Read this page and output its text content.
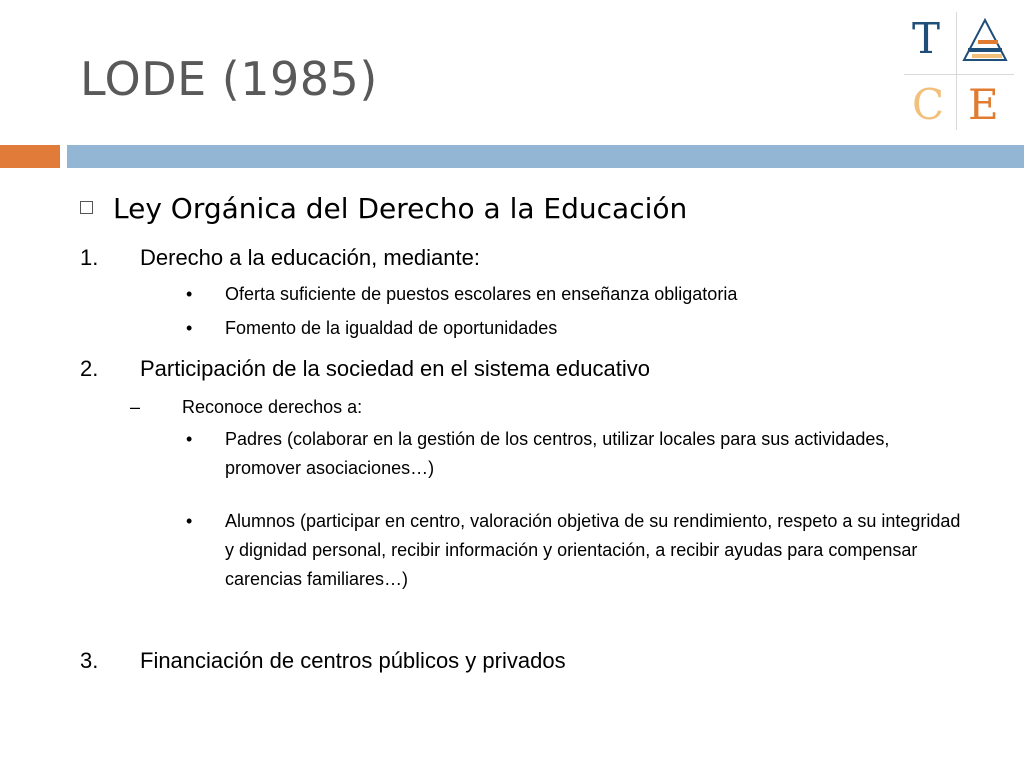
LODE (1985)
T
C E
Ley Orgánica del Derecho a la Educación
1. Derecho a la educación, mediante:
• Oferta suficiente de puestos escolares en enseñanza obligatoria
• Fomento de la igualdad de oportunidades
2. Participación de la sociedad en el sistema educativo
– Reconoce derechos a:
• Padres (colaborar en la gestión de los centros, utilizar locales para sus actividades, promover asociaciones…)
• Alumnos (participar en centro, valoración objetiva de su rendimiento, respeto a su integridad y dignidad personal, recibir información y orientación, a recibir ayudas para compensar carencias familiares…)
3. Financiación de centros públicos y privados
